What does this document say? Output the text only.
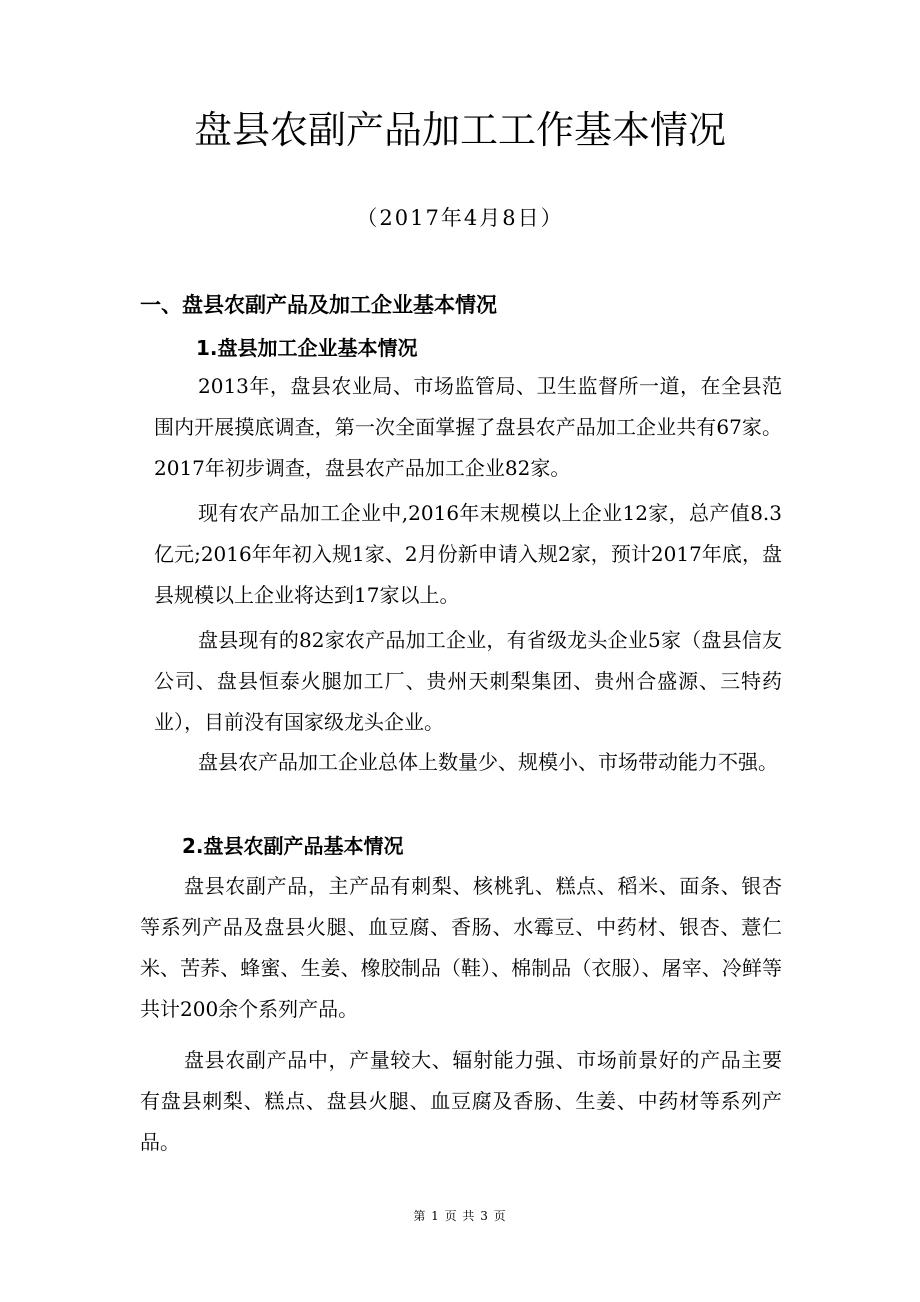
盘县农副产品加工工作基本情况
（2017年4月8日）
一、盘县农副产品及加工企业基本情况
1.盘县加工企业基本情况

2013年，盘县农业局、市场监管局、卫生监督所一道，在全县范围内开展摸底调查，第一次全面掌握了盘县农产品加工企业共有67家。2017年初步调查，盘县农产品加工企业82家。

现有农产品加工企业中,2016年末规模以上企业12家，总产值8.3亿元;2016年年初入规1家、2月份新申请入规2家，预计2017年底，盘县规模以上企业将达到17家以上。

盘县现有的82家农产品加工企业，有省级龙头企业5家（盘县信友公司、盘县恒泰火腿加工厂、贵州天刺梨集团、贵州合盛源、三特药业），目前没有国家级龙头企业。

盘县农产品加工企业总体上数量少、规模小、市场带动能力不强。

2.盘县农副产品基本情况

盘县农副产品，主产品有刺梨、核桃乳、糕点、稻米、面条、银杏等系列产品及盘县火腿、血豆腐、香肠、水霉豆、中药材、银杏、薏仁米、苦荞、蜂蜜、生姜、橡胶制品（鞋）、棉制品（衣服）、屠宰、冷鲜等共计200余个系列产品。

盘县农副产品中，产量较大、辐射能力强、市场前景好的产品主要有盘县刺梨、糕点、盘县火腿、血豆腐及香肠、生姜、中药材等系列产品。

第 1 页 共 3 页
